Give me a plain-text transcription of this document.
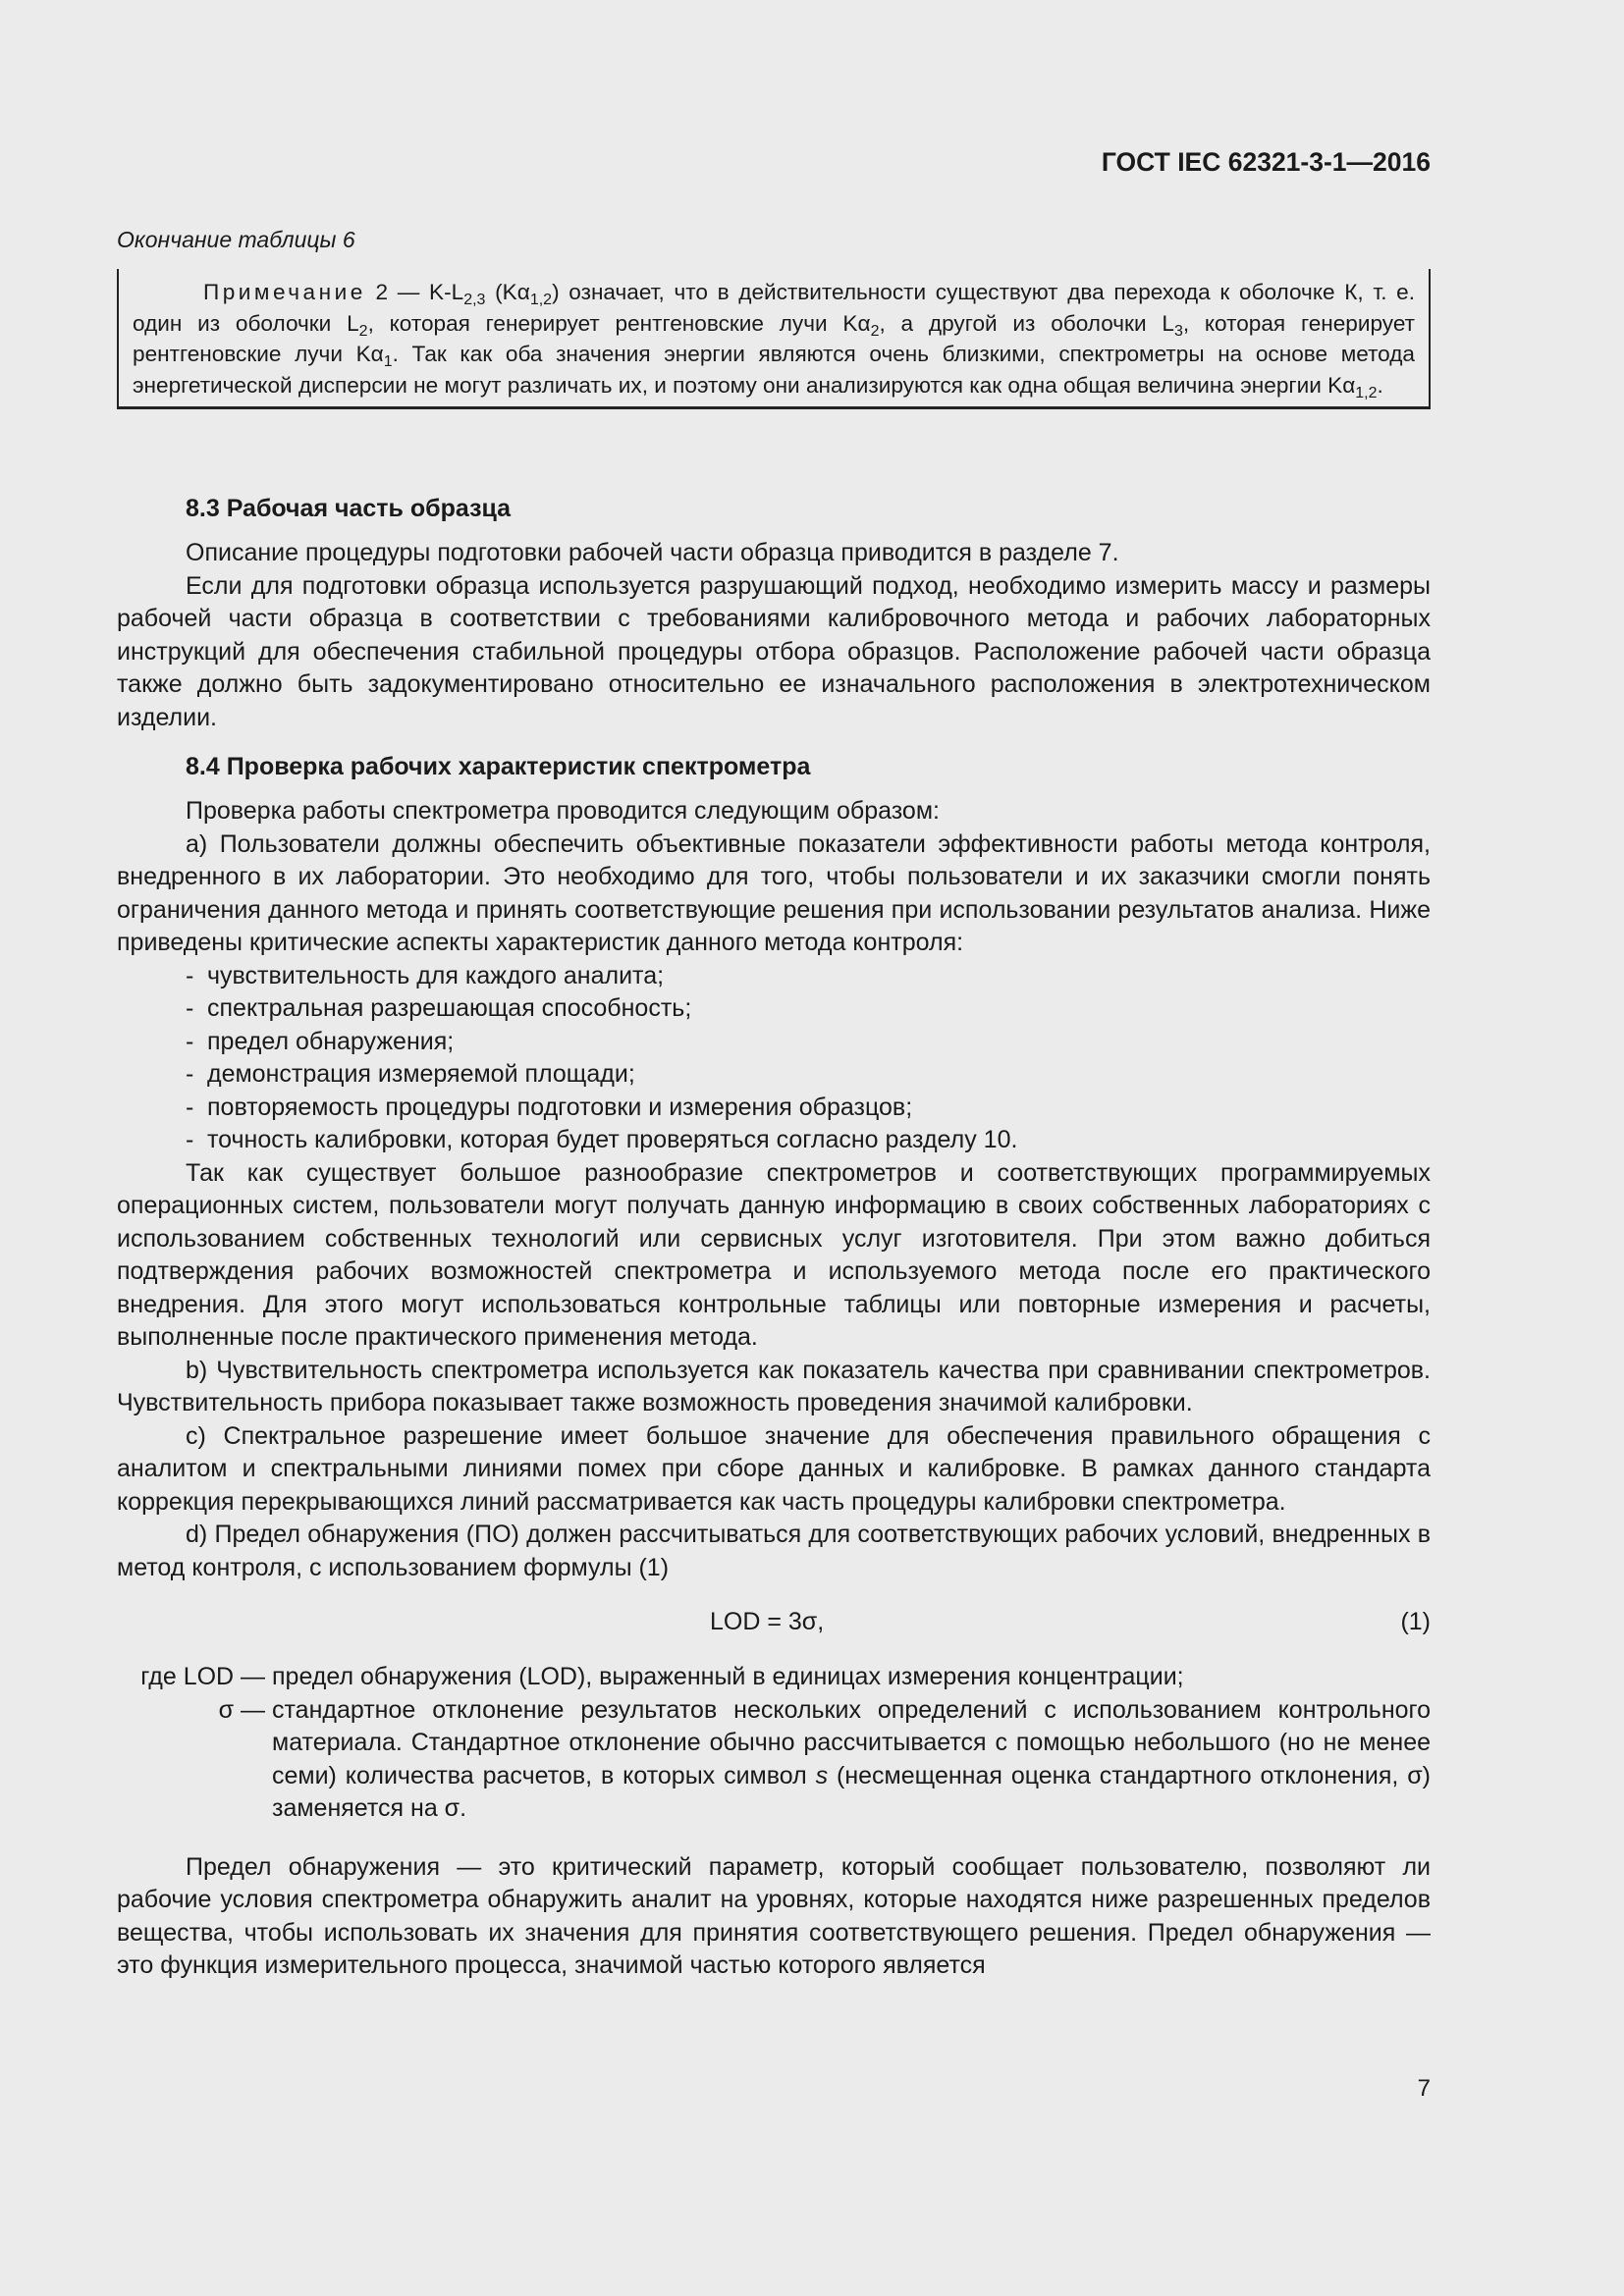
ГОСТ IEC 62321-3-1—2016
Окончание таблицы 6
Примечание 2 — $K-L_{2,3}$ $(K\alpha_{1,2})$ означает, что в действительности существуют два перехода к оболочке К, т. е. один из оболочки $L_2$, которая генерирует рентгеновские лучи $K\alpha_2$, а другой из оболочки $L_3$, которая генерирует рентгеновские лучи $K\alpha_1$. Так как оба значения энергии являются очень близкими, спектрометры на основе метода энергетической дисперсии не могут различать их, и поэтому они анализируются как одна общая величина энергии $K\alpha_{1,2}$.
8.3 Рабочая часть образца

Описание процедуры подготовки рабочей части образца приводится в разделе 7.

Если для подготовки образца используется разрушающий подход, необходимо измерить массу и размеры рабочей части образца в соответствии с требованиями калибровочного метода и рабочих лабораторных инструкций для обеспечения стабильной процедуры отбора образцов. Расположение рабочей части образца также должно быть задокументировано относительно ее изначального расположения в электротехническом изделии.

8.4 Проверка рабочих характеристик спектрометра

Проверка работы спектрометра проводится следующим образом:

а) Пользователи должны обеспечить объективные показатели эффективности работы метода контроля, внедренного в их лаборатории. Это необходимо для того, чтобы пользователи и их заказчики смогли понять ограничения данного метода и принять соответствующие решения при использовании результатов анализа. Ниже приведены критические аспекты характеристик данного метода контроля:

- чувствительность для каждого аналита;
- спектральная разрешающая способность;
- предел обнаружения;
- демонстрация измеряемой площади;
- повторяемость процедуры подготовки и измерения образцов;
- точность калибровки, которая будет проверяться согласно разделу 10.

Так как существует большое разнообразие спектрометров и соответствующих программируемых операционных систем, пользователи могут получать данную информацию в своих собственных лабораториях с использованием собственных технологий или сервисных услуг изготовителя. При этом важно добиться подтверждения рабочих возможностей спектрометра и используемого метода после его практического внедрения. Для этого могут использоваться контрольные таблицы или повторные измерения и расчеты, выполненные после практического применения метода.

b) Чувствительность спектрометра используется как показатель качества при сравнивании спектрометров. Чувствительность прибора показывает также возможность проведения значимой калибровки.

c) Спектральное разрешение имеет большое значение для обеспечения правильного обращения с аналитом и спектральными линиями помех при сборе данных и калибровке. В рамках данного стандарта коррекция перекрывающихся линий рассматривается как часть процедуры калибровки спектрометра.

d) Предел обнаружения (ПО) должен рассчитываться для соответствующих рабочих условий, внедренных в метод контроля, с использованием формулы (1)

LOD = 3σ,	(1)
где LOD — предел обнаружения (LOD), выраженный в единицах измерения концентрации;
σ — стандартное отклонение результатов нескольких определений с использованием контрольного материала. Стандартное отклонение обычно рассчитывается с помощью небольшого (но не менее семи) количества расчетов, в которых символ s (несмещенная оценка стандартного отклонения, σ) заменяется на σ.

Предел обнаружения — это критический параметр, который сообщает пользователю, позволяют ли рабочие условия спектрометра обнаружить аналит на уровнях, которые находятся ниже разрешенных пределов вещества, чтобы использовать их значения для принятия соответствующего решения. Предел обнаружения — это функция измерительного процесса, значимой частью которого является

7
